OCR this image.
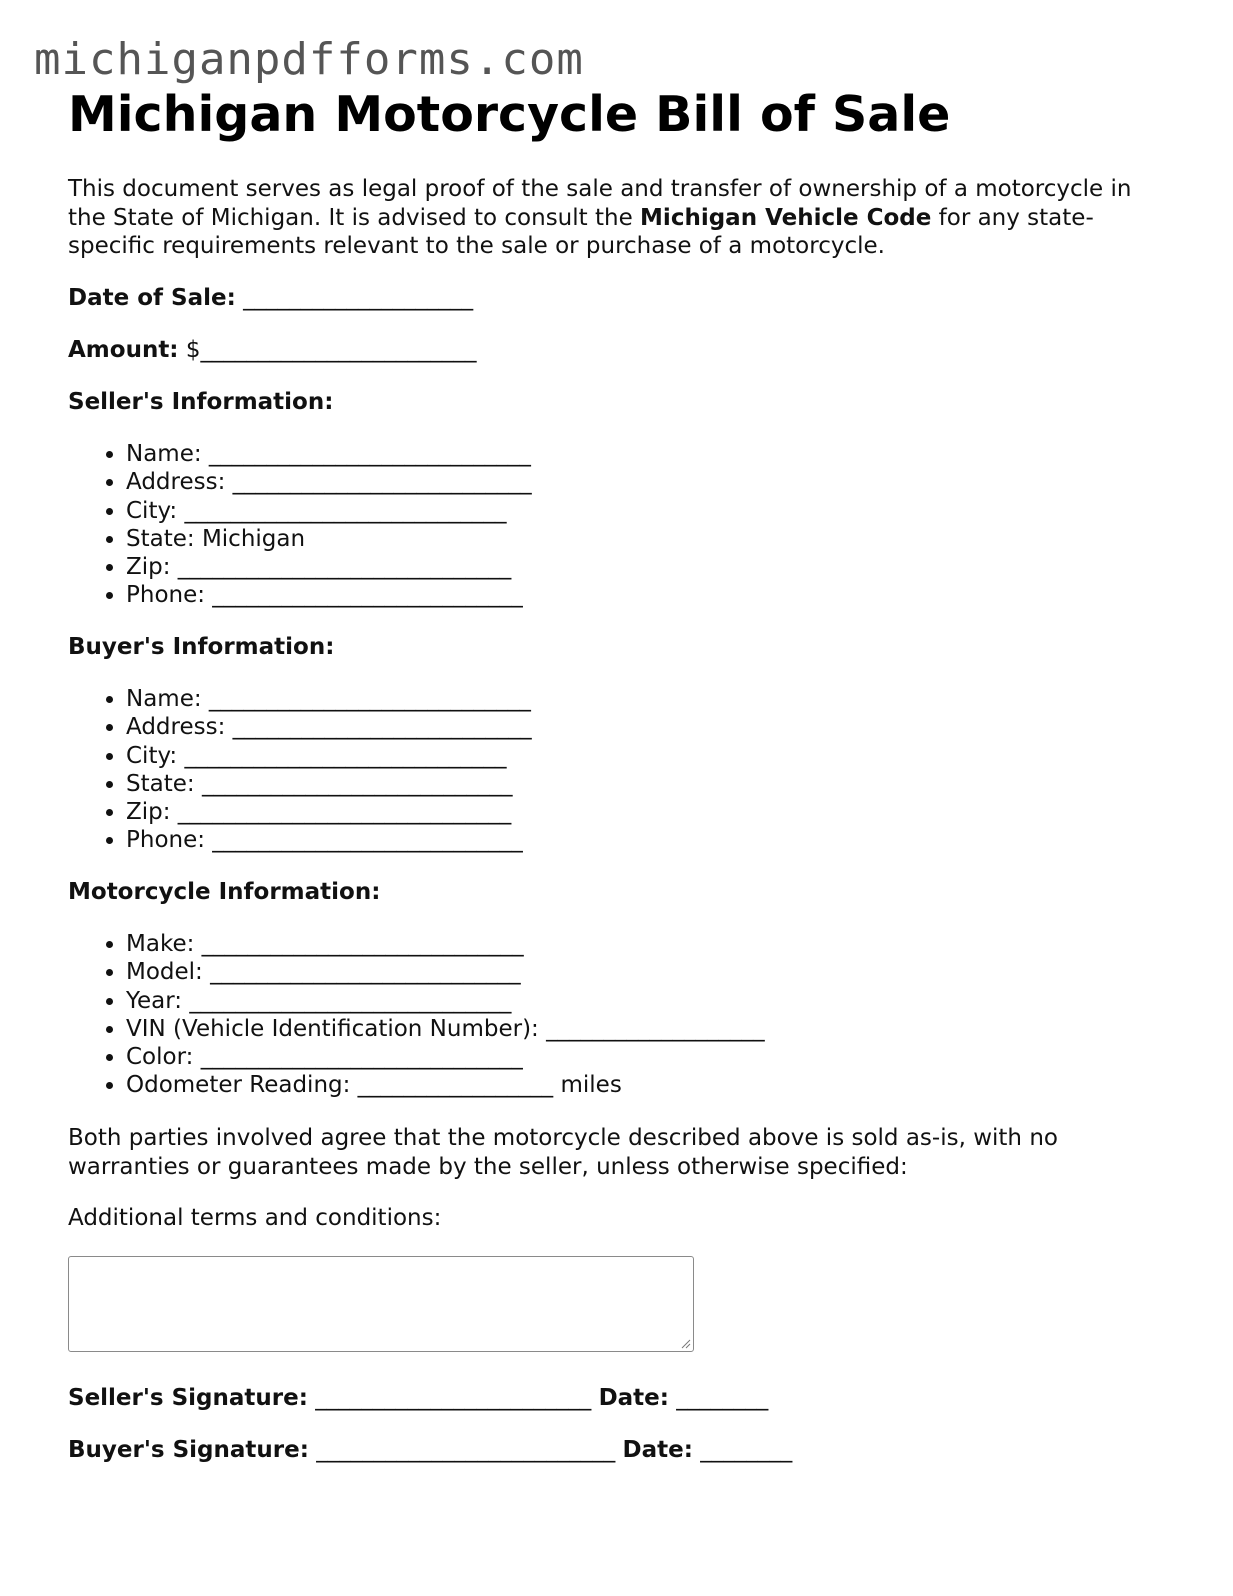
michiganpdfforms.com
Michigan Motorcycle Bill of Sale

This document serves as legal proof of the sale and transfer of ownership of a motorcycle in the State of Michigan. It is advised to consult the Michigan Vehicle Code for any state-specific requirements relevant to the sale or purchase of a motorcycle.

Date of Sale: ____________________

Amount: $________________________

Seller's Information:

• Name: ____________________________
• Address: __________________________
• City: ____________________________
• State: Michigan
• Zip: _____________________________
• Phone: ___________________________

Buyer's Information:

• Name: ____________________________
• Address: __________________________
• City: ____________________________
• State: ___________________________
• Zip: _____________________________
• Phone: ___________________________

Motorcycle Information:

• Make: ____________________________
• Model: ___________________________
• Year: ____________________________
• VIN (Vehicle Identification Number): ___________________
• Color: ____________________________
• Odometer Reading: _________________ miles

Both parties involved agree that the motorcycle described above is sold as-is, with no warranties or guarantees made by the seller, unless otherwise specified:

Additional terms and conditions:

Seller's Signature: ________________________ Date: ________

Buyer's Signature: __________________________ Date: ________
